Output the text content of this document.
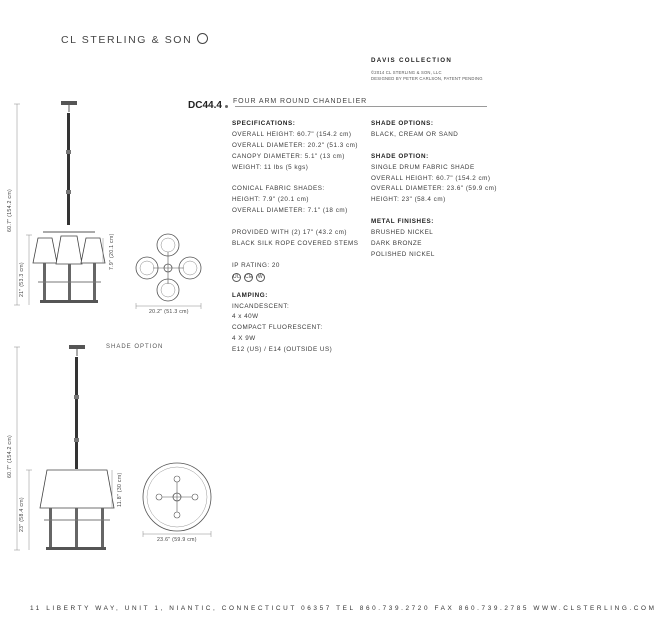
CL STERLING & SON
DAVIS COLLECTION
©2014 CL STERLING & SON, LLC
DESIGNED BY PETER CARLSON, PATENT PENDING
DC44.4 FOUR ARM ROUND CHANDELIER
SPECIFICATIONS:
OVERALL HEIGHT: 60.7" (154.2 cm)
OVERALL DIAMETER: 20.2" (51.3 cm)
CANOPY DIAMETER: 5.1" (13 cm)
WEIGHT: 11 lbs (5 kgs)
CONICAL FABRIC SHADES:
HEIGHT: 7.9" (20.1 cm)
OVERALL DIAMETER: 7.1" (18 cm)
PROVIDED WITH (2) 17" (43.2 cm)
BLACK SILK ROPE COVERED STEMS
IP RATING: 20
UL CE W
LAMPING:
INCANDESCENT:
4 x 40W
COMPACT FLUORESCENT:
4 X 9W
E12 (US) / E14 (OUTSIDE US)
SHADE OPTIONS:
BLACK, CREAM OR SAND
SHADE OPTION:
SINGLE DRUM FABRIC SHADE
OVERALL HEIGHT: 60.7" (154.2 cm)
OVERALL DIAMETER: 23.6" (59.9 cm)
HEIGHT: 23" (58.4 cm)
METAL FINISHES:
BRUSHED NICKEL
DARK BRONZE
POLISHED NICKEL
60.7" (154.2 cm)
21" (53.3 cm)
7.9" (20.1 cm)
20.2" (51.3 cm)
SHADE OPTION
60.7" (154.2 cm)
23" (58.4 cm)
11.8" (30 cm)
23.6" (59.9 cm)
11 LIBERTY WAY, UNIT 1, NIANTIC, CONNECTICUT 06357 TEL 860.739.2720 FAX 860.739.2785 WWW.CLSTERLING.COM
